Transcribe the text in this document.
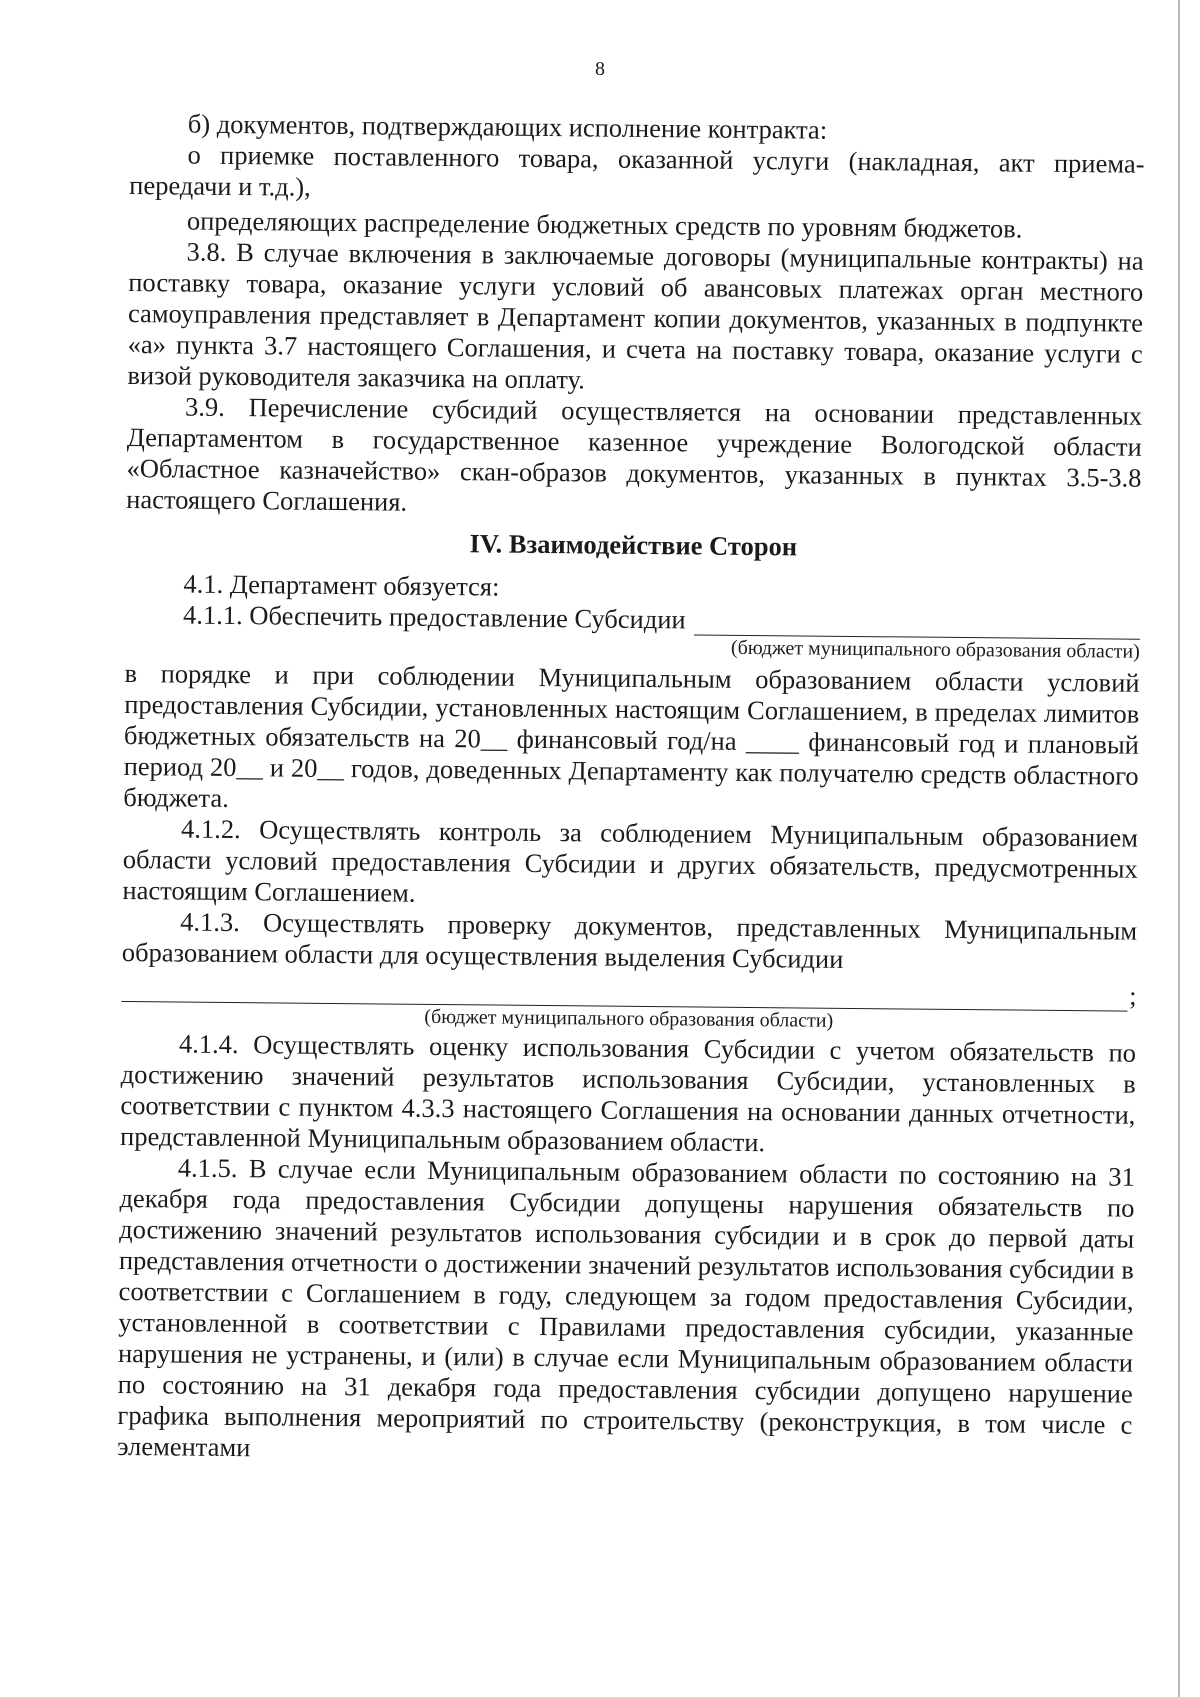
8

б) документов, подтверждающих исполнение контракта:

о приемке поставленного товара, оказанной услуги (накладная, акт приема-передачи и т.д.),

определяющих распределение бюджетных средств по уровням бюджетов.

3.8. В случае включения в заключаемые договоры (муниципальные контракты) на поставку товара, оказание услуги условий об авансовых платежах орган местного самоуправления представляет в Департамент копии документов, указанных в подпункте «а» пункта 3.7 настоящего Соглашения, и счета на поставку товара, оказание услуги с визой руководителя заказчика на оплату.

3.9. Перечисление субсидий осуществляется на основании представленных Департаментом в государственное казенное учреждение Вологодской области «Областное казначейство» скан-образов документов, указанных в пунктах 3.5-3.8 настоящего Соглашения.

IV. Взаимодействие Сторон

4.1. Департамент обязуется:

4.1.1. Обеспечить предоставление Субсидии
(бюджет муниципального образования области)

в порядке и при соблюдении Муниципальным образованием области условий предоставления Субсидии, установленных настоящим Соглашением, в пределах лимитов бюджетных обязательств на 20__ финансовый год/на ____ финансовый год и плановый период 20__ и 20__ годов, доведенных Департаменту как получателю средств областного бюджета.

4.1.2. Осуществлять контроль за соблюдением Муниципальным образованием области условий предоставления Субсидии и других обязательств, предусмотренных настоящим Соглашением.

4.1.3. Осуществлять проверку документов, представленных Муниципальным образованием области для осуществления выделения Субсидии

;
(бюджет муниципального образования области)

4.1.4. Осуществлять оценку использования Субсидии с учетом обязательств по достижению значений результатов использования Субсидии, установленных в соответствии с пунктом 4.3.3 настоящего Соглашения на основании данных отчетности, представленной Муниципальным образованием области.

4.1.5. В случае если Муниципальным образованием области по состоянию на 31 декабря года предоставления Субсидии допущены нарушения обязательств по достижению значений результатов использования субсидии и в срок до первой даты представления отчетности о достижении значений результатов использования субсидии в соответствии с Соглашением в году, следующем за годом предоставления Субсидии, установленной в соответствии с Правилами предоставления субсидии, указанные нарушения не устранены, и (или) в случае если Муниципальным образованием области по состоянию на 31 декабря года предоставления субсидии допущено нарушение графика выполнения мероприятий по строительству (реконструкция, в том числе с элементами
